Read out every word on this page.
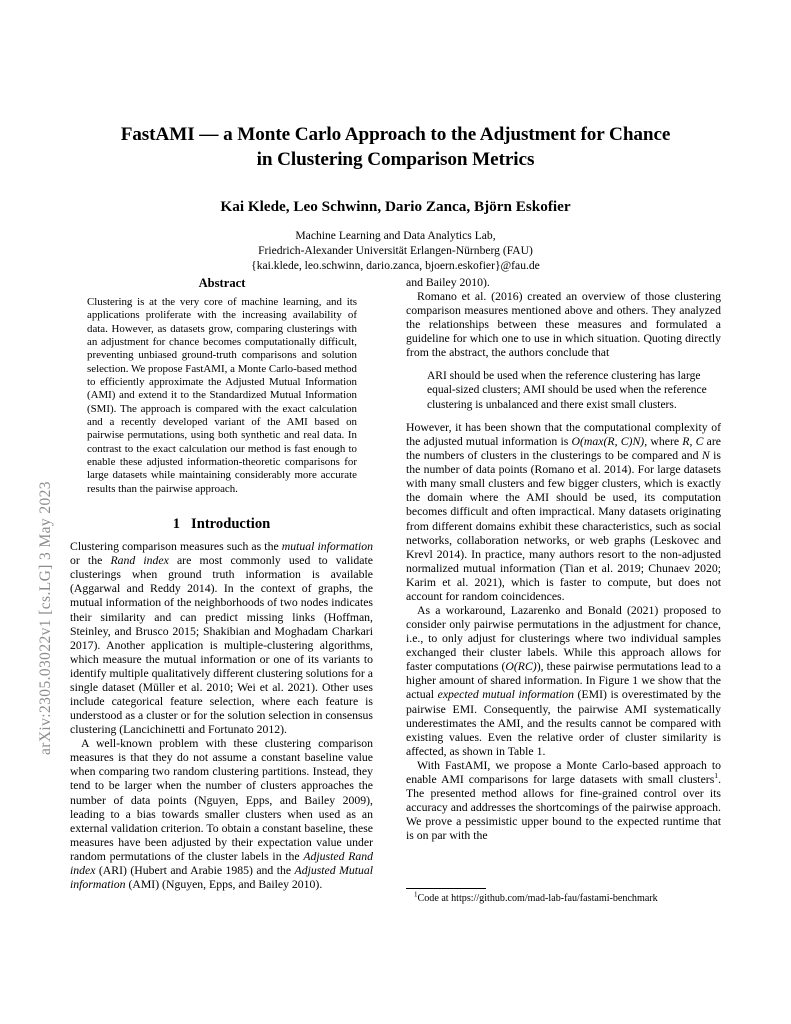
arXiv:2305.03022v1 [cs.LG] 3 May 2023
FastAMI — a Monte Carlo Approach to the Adjustment for Chance
in Clustering Comparison Metrics
Kai Klede, Leo Schwinn, Dario Zanca, Björn Eskofier
Machine Learning and Data Analytics Lab,
Friedrich-Alexander Universität Erlangen-Nürnberg (FAU)
{kai.klede, leo.schwinn, dario.zanca, bjoern.eskofier}@fau.de
Abstract

Clustering is at the very core of machine learning, and its applications proliferate with the increasing availability of data. However, as datasets grow, comparing clusterings with an adjustment for chance becomes computationally difficult, preventing unbiased ground-truth comparisons and solution selection. We propose FastAMI, a Monte Carlo-based method to efficiently approximate the Adjusted Mutual Information (AMI) and extend it to the Standardized Mutual Information (SMI). The approach is compared with the exact calculation and a recently developed variant of the AMI based on pairwise permutations, using both synthetic and real data. In contrast to the exact calculation our method is fast enough to enable these adjusted information-theoretic comparisons for large datasets while maintaining considerably more accurate results than the pairwise approach.

1 Introduction

Clustering comparison measures such as the mutual information or the Rand index are most commonly used to validate clusterings when ground truth information is available (Aggarwal and Reddy 2014). In the context of graphs, the mutual information of the neighborhoods of two nodes indicates their similarity and can predict missing links (Hoffman, Steinley, and Brusco 2015; Shakibian and Moghadam Charkari 2017). Another application is multiple-clustering algorithms, which measure the mutual information or one of its variants to identify multiple qualitatively different clustering solutions for a single dataset (Müller et al. 2010; Wei et al. 2021). Other uses include categorical feature selection, where each feature is understood as a cluster or for the solution selection in consensus clustering (Lancichinetti and Fortunato 2012).

A well-known problem with these clustering comparison measures is that they do not assume a constant baseline value when comparing two random clustering partitions. Instead, they tend to be larger when the number of clusters approaches the number of data points (Nguyen, Epps, and Bailey 2009), leading to a bias towards smaller clusters when used as an external validation criterion. To obtain a constant baseline, these measures have been adjusted by their expectation value under random permutations of the cluster labels in the Adjusted Rand index (ARI) (Hubert and Arabie 1985) and the Adjusted Mutual information (AMI) (Nguyen, Epps, and Bailey 2010).

and Bailey 2010).

Romano et al. (2016) created an overview of those clustering comparison measures mentioned above and others. They analyzed the relationships between these measures and formulated a guideline for which one to use in which situation. Quoting directly from the abstract, the authors conclude that

ARI should be used when the reference clustering has large equal-sized clusters; AMI should be used when the reference clustering is unbalanced and there exist small clusters.

However, it has been shown that the computational complexity of the adjusted mutual information is O(max(R, C)N), where R, C are the numbers of clusters in the clusterings to be compared and N is the number of data points (Romano et al. 2014). For large datasets with many small clusters and few bigger clusters, which is exactly the domain where the AMI should be used, its computation becomes difficult and often impractical. Many datasets originating from different domains exhibit these characteristics, such as social networks, collaboration networks, or web graphs (Leskovec and Krevl 2014). In practice, many authors resort to the non-adjusted normalized mutual information (Tian et al. 2019; Chunaev 2020; Karim et al. 2021), which is faster to compute, but does not account for random coincidences.

As a workaround, Lazarenko and Bonald (2021) proposed to consider only pairwise permutations in the adjustment for chance, i.e., to only adjust for clusterings where two individual samples exchanged their cluster labels. While this approach allows for faster computations (O(RC)), these pairwise permutations lead to a higher amount of shared information. In Figure 1 we show that the actual expected mutual information (EMI) is overestimated by the pairwise EMI. Consequently, the pairwise AMI systematically underestimates the AMI, and the results cannot be compared with existing values. Even the relative order of cluster similarity is affected, as shown in Table 1.

With FastAMI, we propose a Monte Carlo-based approach to enable AMI comparisons for large datasets with small clusters$^1$. The presented method allows for fine-grained control over its accuracy and addresses the shortcomings of the pairwise approach. We prove a pessimistic upper bound to the expected runtime that is on par with the

$^1$Code at https://github.com/mad-lab-fau/fastami-benchmark
